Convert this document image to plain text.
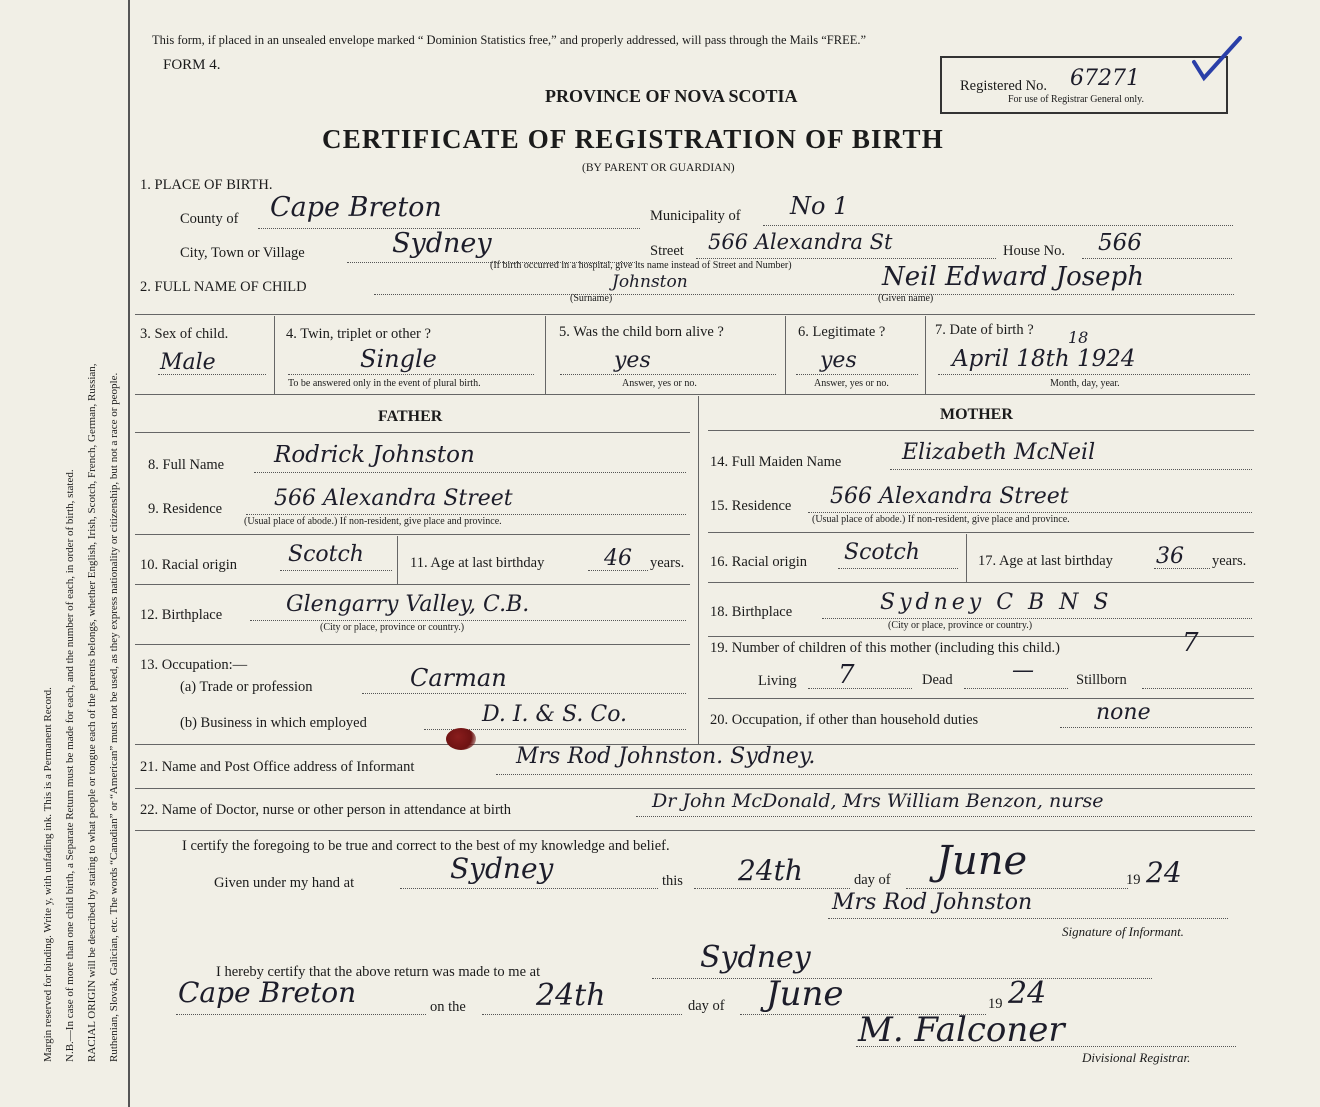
Margin reserved for binding. Write y, with unfading ink. This is a Permanent Record. N.B.—In case of more than one child birth, a Separate Return must be made for each, and the number of each, in order of birth, stated. RACIAL ORIGIN will be described by stating to what people or tongue each of the parents belongs, whether English, Irish, Scotch, French, German, Russian, Ruthenian, Slovak, Galician, etc. The words “Canadian” or “American” must not be used, as they express nationality or citizenship, but not a race or people.
This form, if placed in an unsealed envelope marked “ Dominion Statistics free,” and properly addressed, will pass through the Mails “FREE.”
FORM 4.
PROVINCE OF NOVA SCOTIA
CERTIFICATE OF REGISTRATION OF BIRTH
(BY PARENT OR GUARDIAN)
Registered No. 67271
For use of Registrar General only.
1. PLACE OF BIRTH.
County of Cape Breton	Municipality of No 1
City, Town or Village	Sydney	Street 566 Alexandra St	House No. 566
(If birth occurred in a hospital, give its name instead of Street and Number)
2. FULL NAME OF CHILD	Johnston
(Surname)
Neil Edward Joseph
(Given name)
3. Sex of child.
Male
4. Twin, triplet or other ?
Single
To be answered only in the event of plural birth.
5. Was the child born alive ?
yes
Answer, yes or no.
6. Legitimate ?
yes
Answer, yes or no.
7. Date of birth ? 18
April 18th 1924
Month, day, year.
FATHER	MOTHER
8. Full Name Rodrick Johnston
9. Residence 566 Alexandra Street
(Usual place of abode.) If non-resident, give place and province.
10. Racial origin Scotch	11. Age at last birthday	46 years.
12. Birthplace	Glengarry Valley, C.B.
(City or place, province or country.)
13. Occupation:—
(a) Trade or profession	Carman
(b) Business in which employed	D. I. & S. Co.
14. Full Maiden Name	Elizabeth McNeil
15. Residence 566 Alexandra Street
(Usual place of abode.) If non-resident, give place and province.
16. Racial origin Scotch	17. Age at last birthday 36 years.
18. Birthplace	Sydney C B N S
(City or place, province or country.)
19. Number of children of this mother (including this child.)	7
Living 7	Dead	—	Stillborn
20. Occupation, if other than household duties	none
21. Name and Post Office address of Informant	Mrs Rod Johnston. Sydney.
22. Name of Doctor, nurse or other person in attendance at birth	Dr John McDonald, Mrs William Benzon, nurse
I certify the foregoing to be true and correct to the best of my knowledge and belief.
Given under my hand at	Sydney	this 24th	day of June	19 24
Mrs Rod Johnston
Signature of Informant.
I hereby certify that the above return was made to me at	Sydney
Cape Breton	on the 24th	day of June	19 24
M. Falconer
Divisional Registrar.
